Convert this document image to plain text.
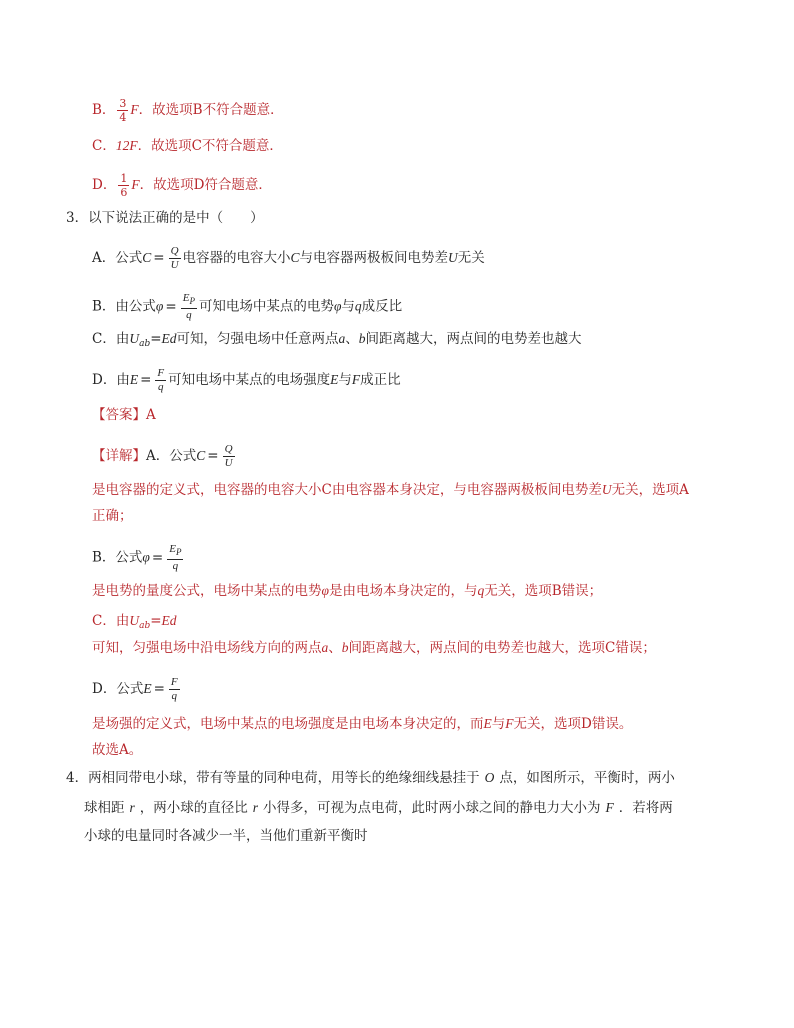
B． $\frac{3}{4}$ F．故选项B不符合题意．
C．12F．故选项C不符合题意．
D． $\frac{1}{6}$ F．故选项D符合题意．
3．以下说法正确的是中（　　）
A．公式$C = \frac{Q}{U}$ 电容器的电容大小C与电容器两极板间电势差U无关
B．由公式$\varphi = \frac{E_P}{q}$ 可知电场中某点的电势φ与q成反比
C．由$U_{ab}=Ed$可知，匀强电场中任意两点a、b间距离越大，两点间的电势差也越大
D．由$E = \frac{F}{q}$ 可知电场中某点的电场强度E与F成正比
【答案】A
【详解】A．公式$C = \frac{Q}{U}$
是电容器的定义式，电容器的电容大小C由电容器本身决定，与电容器两极板间电势差U无关，选项A
正确；
B．公式$\varphi = \frac{E_P}{q}$
是电势的量度公式，电场中某点的电势φ是由电场本身决定的，与q无关，选项B错误；
C．由$U_{ab}=Ed$
可知，匀强电场中沿电场线方向的两点a、b间距离越大，两点间的电势差也越大，选项C错误；
D．公式$E = \frac{F}{q}$
是场强的定义式，电场中某点的电场强度是由电场本身决定的，而E与F无关，选项D错误。
故选A。
4．两相同带电小球，带有等量的同种电荷，用等长的绝缘细线悬挂于 O 点，如图所示，平衡时，两小
球相距 r ，两小球的直径比 r 小得多，可视为点电荷，此时两小球之间的静电力大小为 F ．若将两
小球的电量同时各减少一半，当他们重新平衡时
